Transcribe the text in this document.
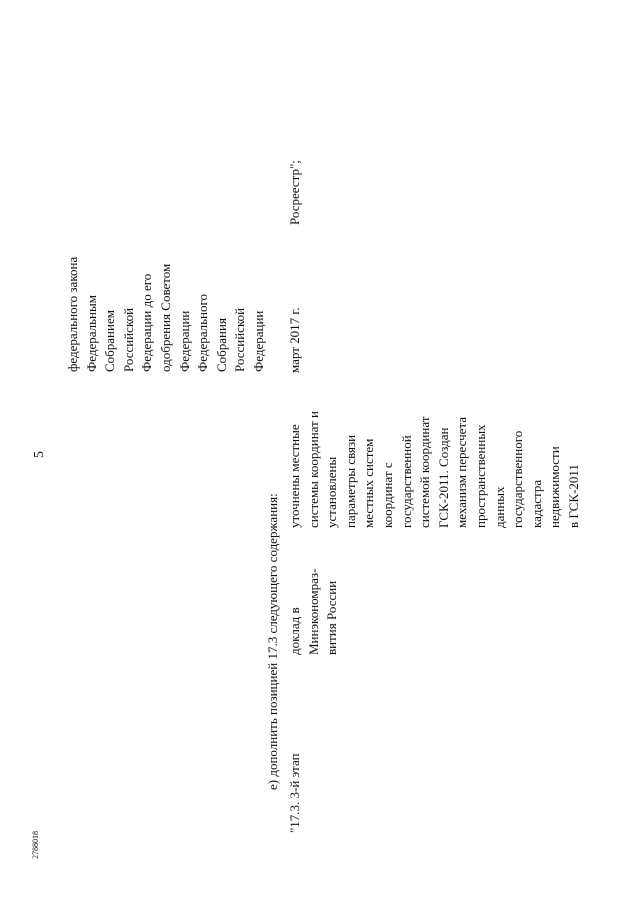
5
федерального закона Федеральным Собранием Российской Федерации до его одобрения Советом Федерации Федерального Собрания Российской Федерации
е) дополнить позицией 17.3 следующего содержания:
"17.3. 3-й этап
доклад в Минэкономраз- вития России
уточнены местные системы координат и установлены параметры связи местных систем координат с государственной системой координат ГСК-2011. Создан механизм пересчета пространственных данных государственного кадастра недвижимости в ГСК-2011
март 2017 г.
Росреестр";
2788018
